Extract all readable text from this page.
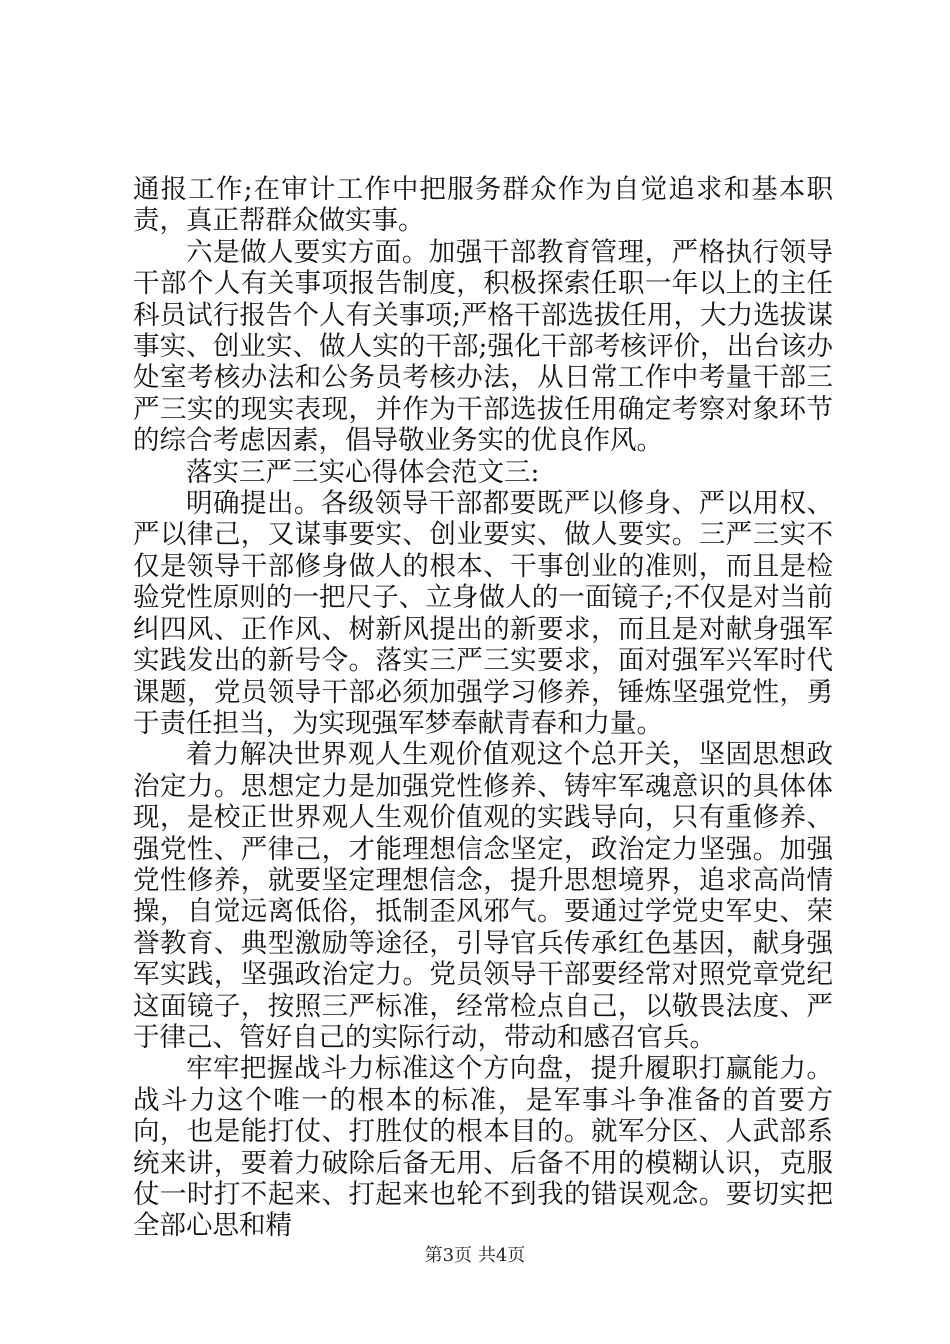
通报工作;在审计工作中把服务群众作为自觉追求和基本职责，真正帮群众做实事。

六是做人要实方面。加强干部教育管理，严格执行领导干部个人有关事项报告制度，积极探索任职一年以上的主任科员试行报告个人有关事项;严格干部选拔任用，大力选拔谋事实、创业实、做人实的干部;强化干部考核评价，出台该办处室考核办法和公务员考核办法，从日常工作中考量干部三严三实的现实表现，并作为干部选拔任用确定考察对象环节的综合考虑因素，倡导敬业务实的优良作风。

落实三严三实心得体会范文三:

明确提出。各级领导干部都要既严以修身、严以用权、严以律己，又谋事要实、创业要实、做人要实。三严三实不仅是领导干部修身做人的根本、干事创业的准则，而且是检验党性原则的一把尺子、立身做人的一面镜子;不仅是对当前纠四风、正作风、树新风提出的新要求，而且是对献身强军实践发出的新号令。落实三严三实要求，面对强军兴军时代课题，党员领导干部必须加强学习修养，锤炼坚强党性，勇于责任担当，为实现强军梦奉献青春和力量。

着力解决世界观人生观价值观这个总开关，坚固思想政治定力。思想定力是加强党性修养、铸牢军魂意识的具体体现，是校正世界观人生观价值观的实践导向，只有重修养、强党性、严律己，才能理想信念坚定，政治定力坚强。加强党性修养，就要坚定理想信念，提升思想境界，追求高尚情操，自觉远离低俗，抵制歪风邪气。要通过学党史军史、荣誉教育、典型激励等途径，引导官兵传承红色基因，献身强军实践，坚强政治定力。党员领导干部要经常对照党章党纪这面镜子，按照三严标准，经常检点自己，以敬畏法度、严于律己、管好自己的实际行动，带动和感召官兵。

牢牢把握战斗力标准这个方向盘，提升履职打赢能力。战斗力这个唯一的根本的标准，是军事斗争准备的首要方向，也是能打仗、打胜仗的根本目的。就军分区、人武部系统来讲，要着力破除后备无用、后备不用的模糊认识，克服仗一时打不起来、打起来也轮不到我的错误观念。要切实把全部心思和精

第3页 共4页
